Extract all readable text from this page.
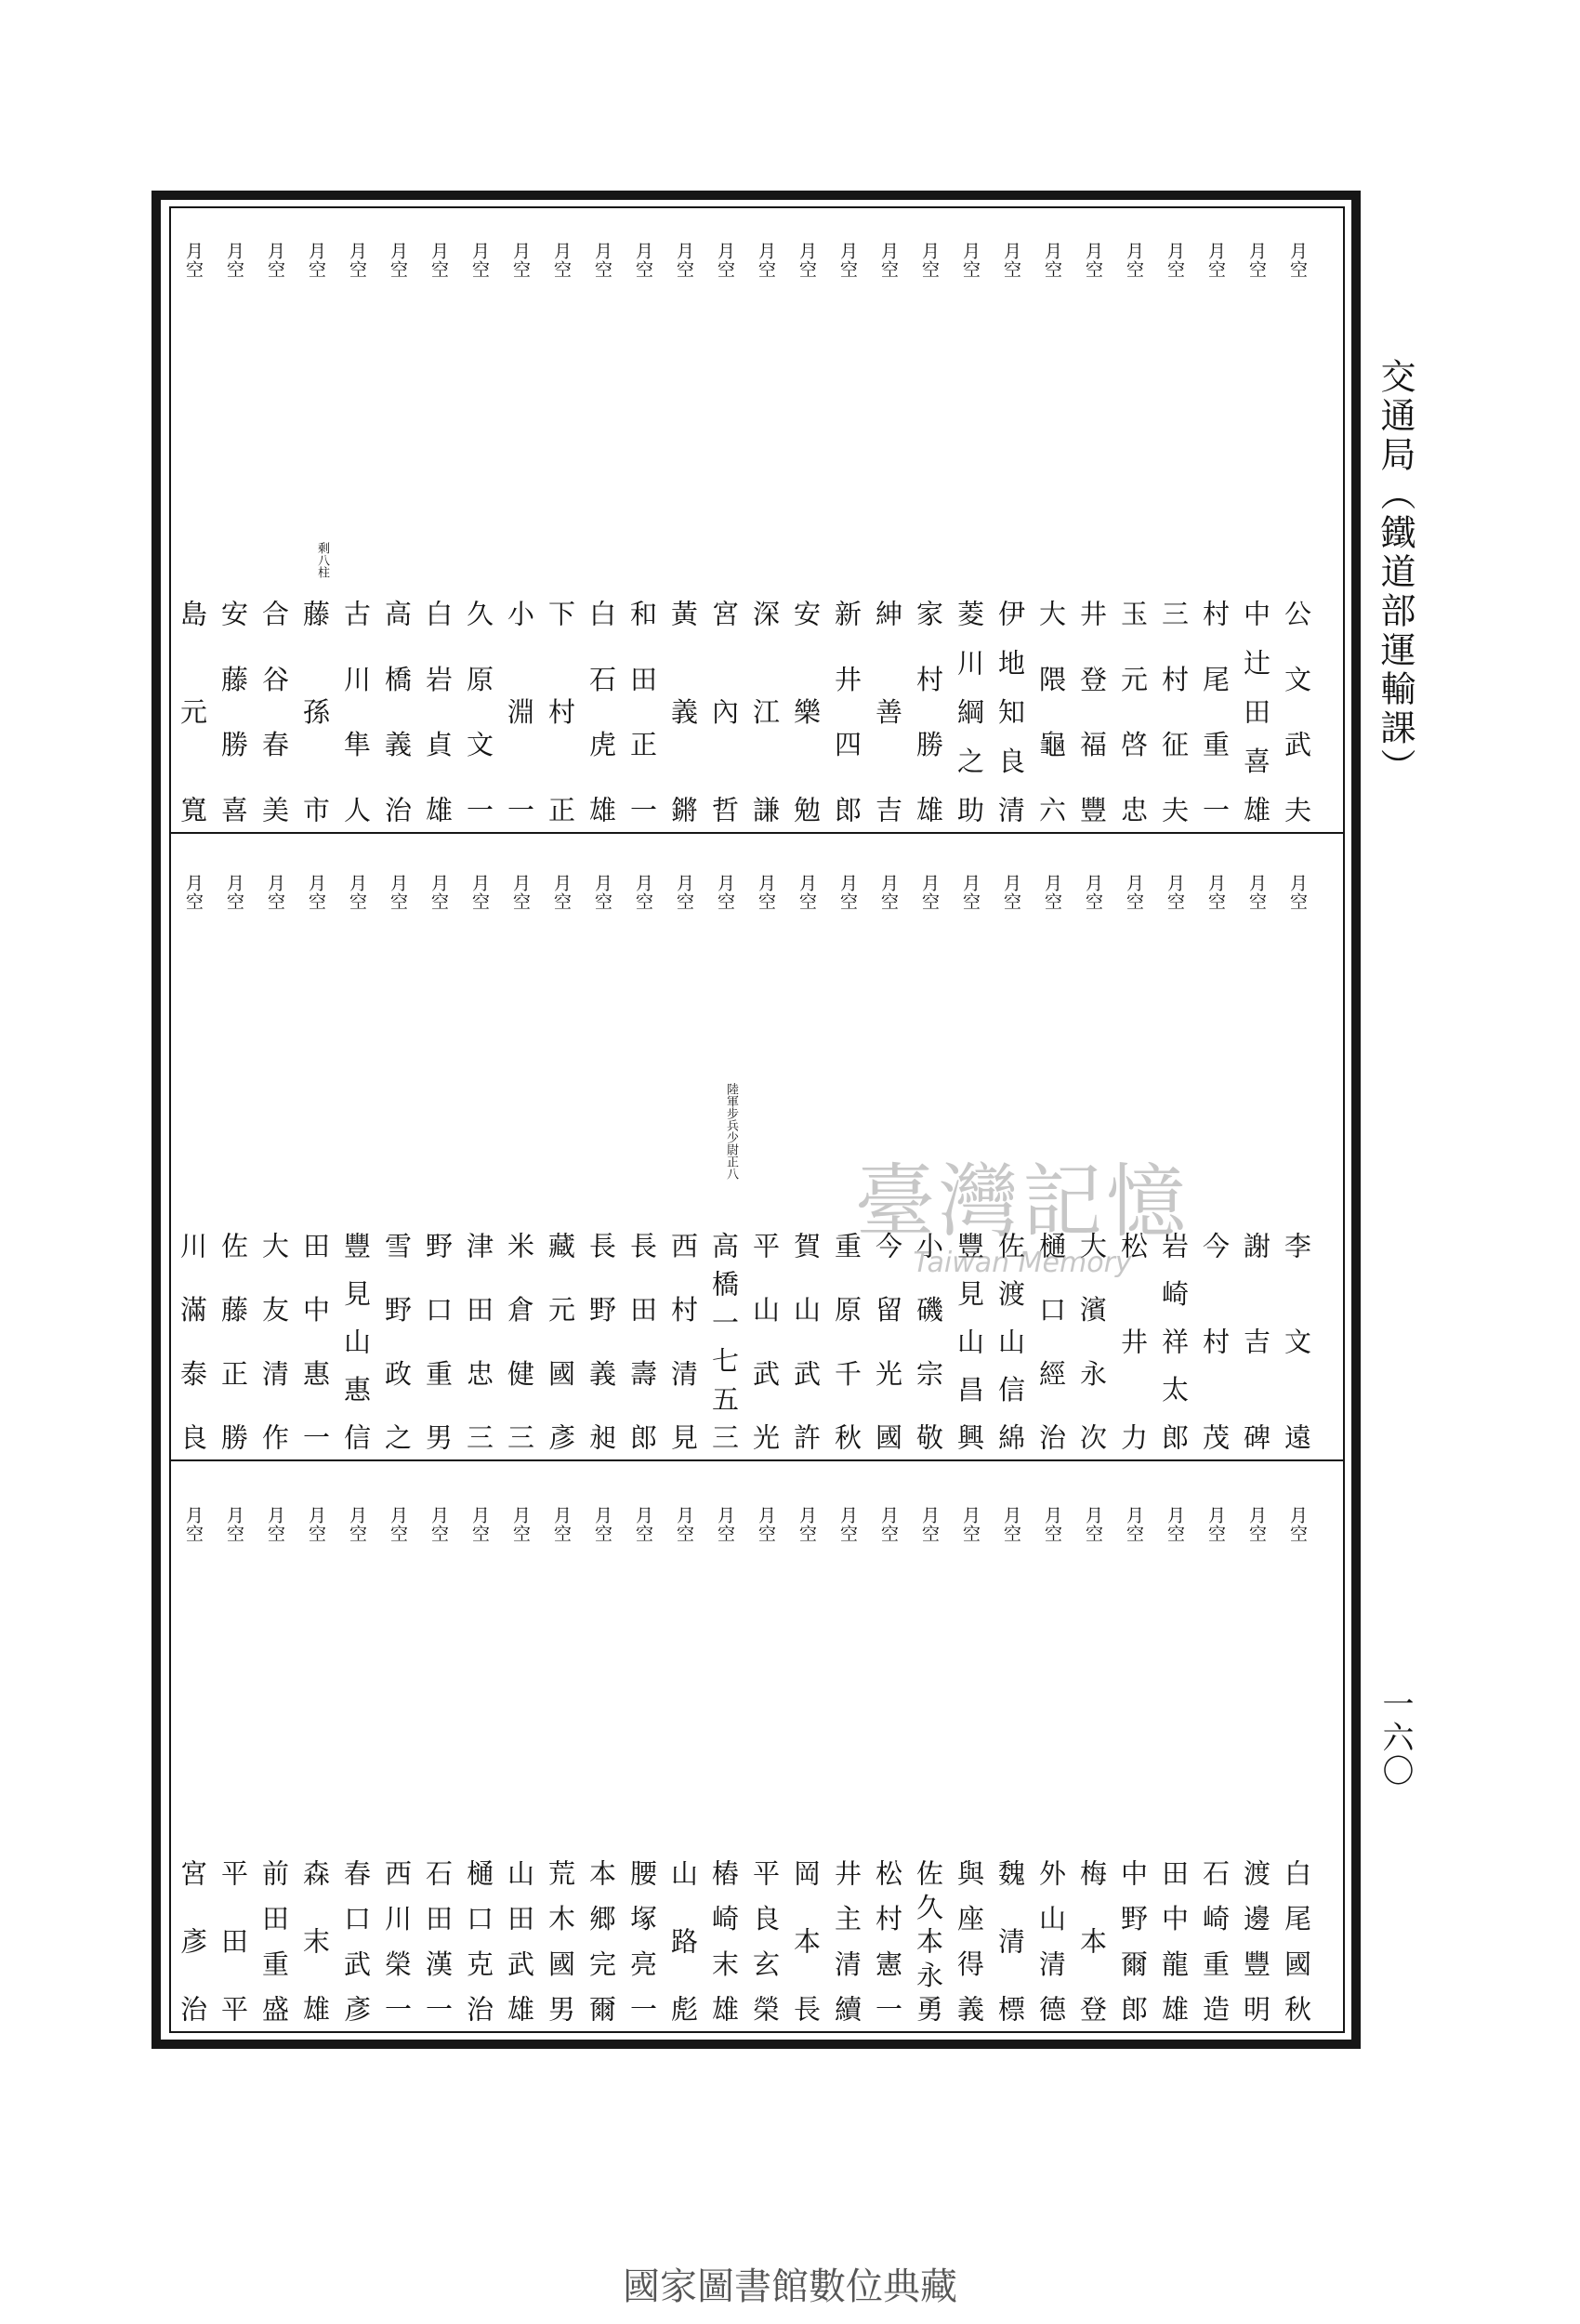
交通局（鐵道部運輸課）
一六〇
月空
公文武夫
月空
中辻田喜雄
月空
村尾重一
月空
三村征夫
月空
玉元啓忠
月空
井登福豐
月空
大隈龜六
月空
伊地知良清
月空
菱川綱之助
月空
家村勝雄
月空
紳善吉
月空
新井四郎
月空
安樂勉
月空
深江謙
月空
宮內哲
月空
黃義鏘
月空
和田正一
月空
白石虎雄
月空
下村正
月空
小淵一
月空
久原文一
月空
白岩貞雄
月空
高橋義治
月空
古川隼人
月空
藤孫市
剩八柱
月空
合谷春美
月空
安藤勝喜
月空
島元寬
月空
李文遠
月空
謝吉碑
月空
今村茂
月空
岩崎祥太郎
月空
松井力
月空
大濱永次
月空
樋口經治
月空
佐渡山信綿
月空
豐見山昌興
月空
小磯宗敬
月空
今留光國
月空
重原千秋
月空
賀山武許
月空
平山武光
月空
高橋一七五三
陸軍步兵少尉正八
月空
西村清見
月空
長田壽郎
月空
長野義昶
月空
藏元國彥
月空
米倉健三
月空
津田忠三
月空
野口重男
月空
雪野政之
月空
豐見山惠信
月空
田中惠一
月空
大友清作
月空
佐藤正勝
月空
川滿泰良
月空
白尾國秋
月空
渡邊豐明
月空
石崎重造
月空
田中龍雄
月空
中野爾郎
月空
梅本登
月空
外山清德
月空
魏清標
月空
與座得義
月空
佐久本永勇
月空
松村憲一
月空
井主清續
月空
岡本長
月空
平良玄榮
月空
樁崎末雄
月空
山路彪
月空
腰塚亮一
月空
本郷完爾
月空
荒木國男
月空
山田武雄
月空
樋口克治
月空
石田漢一
月空
西川榮一
月空
春口武彥
月空
森末雄
月空
前田重盛
月空
平田平
月空
宮彥治
臺灣記憶
Taiwan Memory
國家圖書館數位典藏
